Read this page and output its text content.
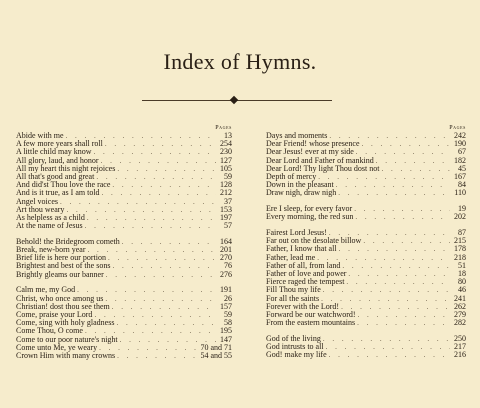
Index of Hymns.
Pages
Abide with me . . .	13
A few more years shall roll . . .	254
A little child may know . . .	230
All glory, laud, and honor . . .	127
All my heart this night rejoices . . .	105
All that's good and great . . .	59
And did'st Thou love the race . . .	128
And is it true, as I am told . . .	212
Angel voices . . .	37
Art thou weary . . .	153
As helpless as a child . . .	197
At the name of Jesus . . .	57
Behold! the Bridegroom cometh . . .	164
Break, new-born year . . .	201
Brief life is here our portion . . .	270
Brightest and best of the sons . . .	76
Brightly gleams our banner . . .	276
Calm me, my God . . .	191
Christ, who once among us . . .	26
Christian! dost thou see them . . .	157
Come, praise your Lord . . .	59
Come, sing with holy gladness . . .	58
Come Thou, O come . . .	195
Come to our poor nature's night . . .	147
Come unto Me, ye weary . . .	70 and 71
Crown Him with many crowns . . .	54 and 55
Pages
Days and moments . . .	242
Dear Friend! whose presence . . .	190
Dear Jesus! ever at my side . . .	67
Dear Lord and Father of mankind . . .	182
Dear Lord! Thy light Thou dost not . . .	45
Depth of mercy . . .	167
Down in the pleasant . . .	84
Draw nigh, draw nigh . . .	110
Ere I sleep, for every favor . . .	19
Every morning, the red sun . . .	202
Fairest Lord Jesus! . . .	87
Far out on the desolate billow . . .	215
Father, I know that all . . .	178
Father, lead me . . .	218
Father of all, from land . . .	51
Father of love and power . . .	18
Fierce raged the tempest . . .	80
Fill Thou my life . . .	46
For all the saints . . .	241
Forever with the Lord! . . .	262
Forward be our watchword! . . .	279
From the eastern mountains . . .	282
God of the living . . .	250
God intrusts to all . . .	217
God! make my life . . .	216
